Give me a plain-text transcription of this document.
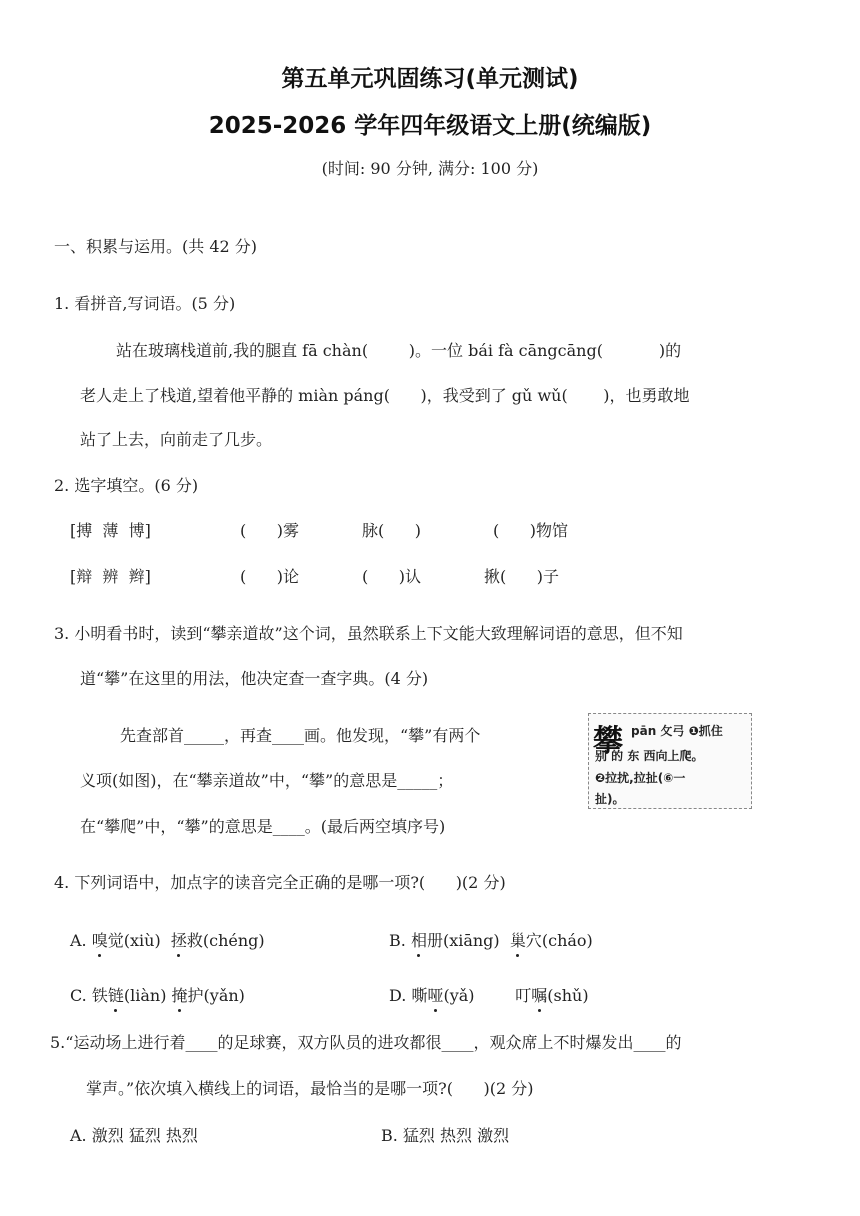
第五单元巩固练习(单元测试)
2025-2026 学年四年级语文上册(统编版)
(时间: 90 分钟, 满分: 100 分)
一、积累与运用。(共 42 分)
1. 看拼音,写词语。(5 分)
站在玻璃栈道前,我的腿直 fā chàn(        )。一位 bái fà cāngcāng(           )的
老人走上了栈道,望着他平静的 miàn páng(      )，我受到了 gǔ wǔ(       )，也勇敢地
站了上去，向前走了几步。
2. 选字填空。(6 分)
[搏  薄  博]	(      )雾	脉(      )	(      )物馆
[辩  辨  辫]	(      )论	(      )认	揪(      )子
3. 小明看书时，读到“攀亲道故”这个词，虽然联系上下文能大致理解词语的意思，但不知
道“攀”在这里的用法，他决定查一查字典。(4 分)
先查部首_____，再查____画。他发现，“攀”有两个
义项(如图)，在“攀亲道故”中，“攀”的意思是_____；
在“攀爬”中，“攀”的意思是____。(最后两空填序号)
攀 pān 攵弓 ❶抓住
别 的 东 西向上爬。
❷拉扰,拉扯(⑥一
扯)。
4. 下列词语中，加点字的读音完全正确的是哪一项?(      )(2 分)
A. 嗅觉(xiù) 拯救(chéng)	B. 相册(xiāng) 巢穴(cháo)
C. 铁链(liàn) 掩护(yǎn)	D. 嘶哑(yǎ)	叮嘱(shǔ)
5.“运动场上进行着____的足球赛，双方队员的进攻都很____，观众席上不时爆发出____的
掌声。”依次填入横线上的词语，最恰当的是哪一项?(      )(2 分)
A. 激烈 猛烈 热烈	B. 猛烈 热烈 激烈
